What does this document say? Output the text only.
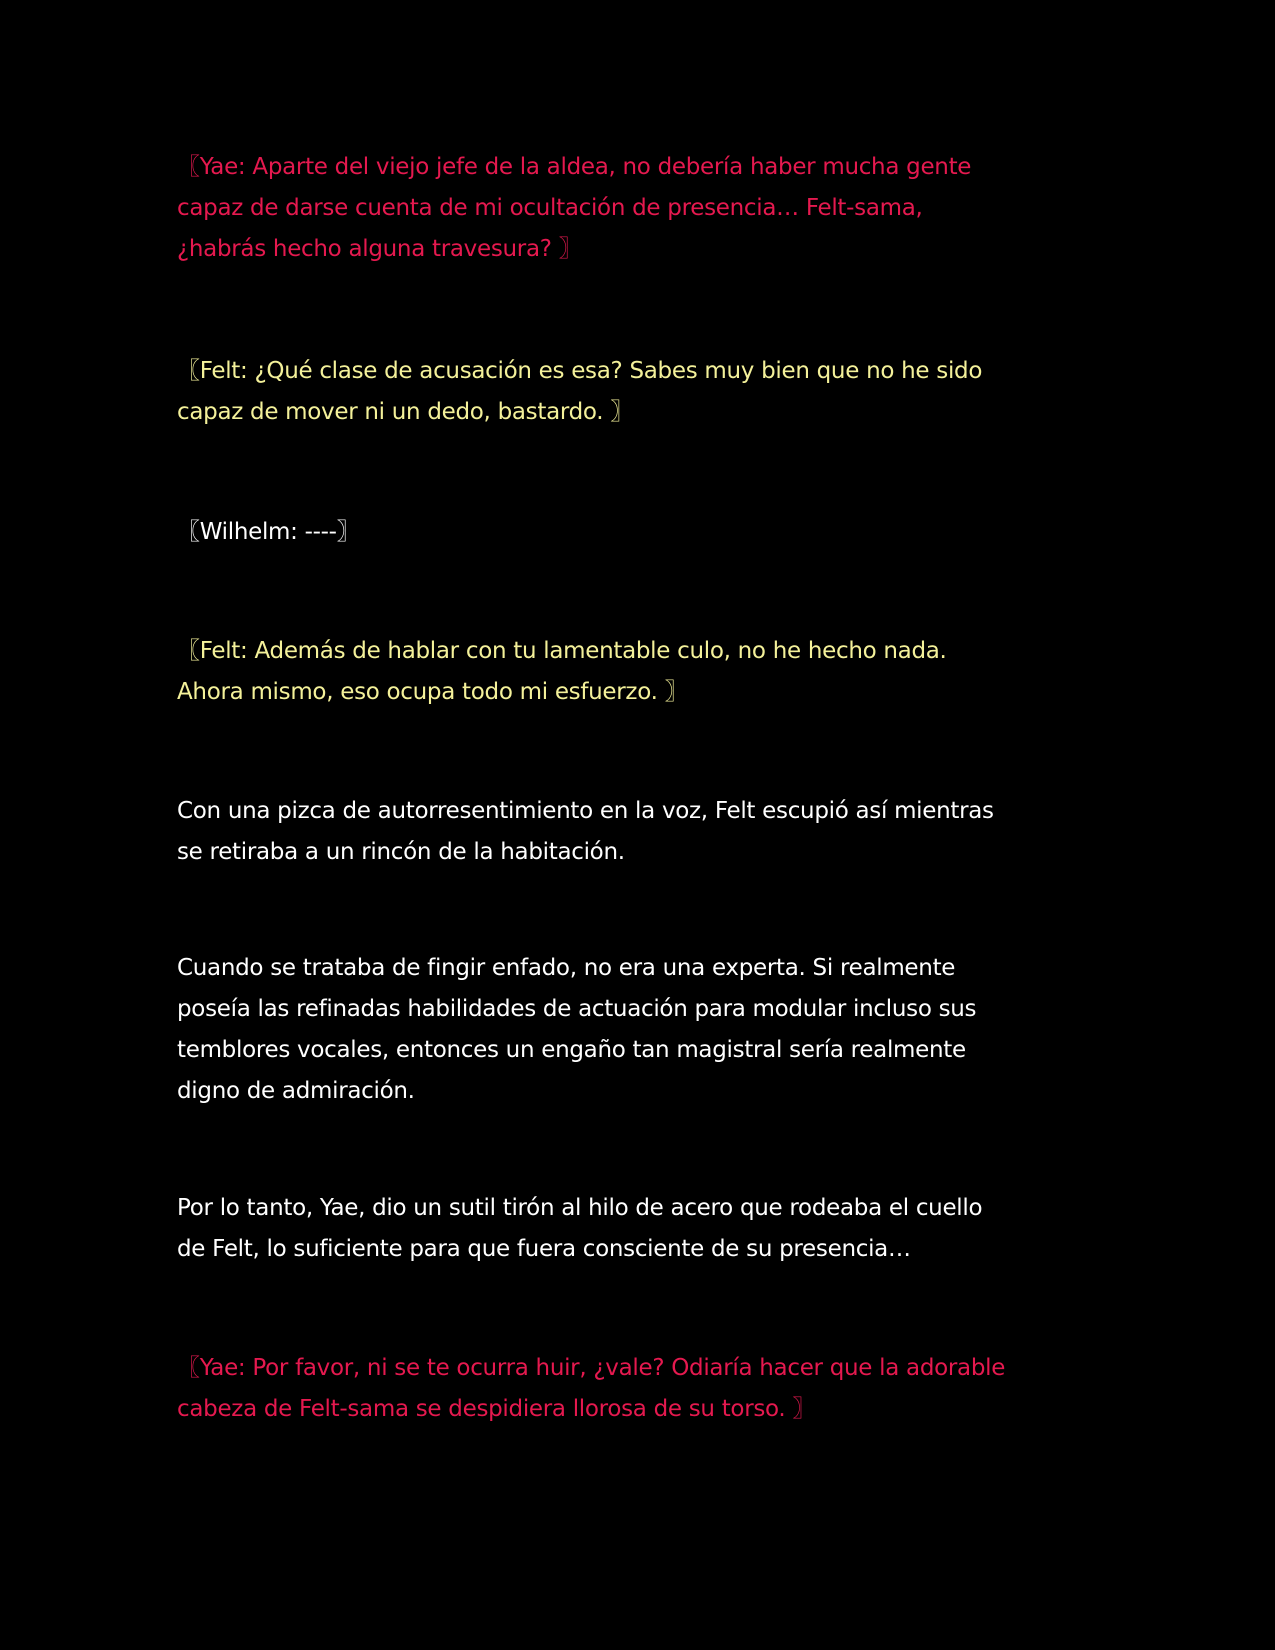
〖Yae: Aparte del viejo jefe de la aldea, no debería haber mucha gente
capaz de darse cuenta de mi ocultación de presencia… Felt-sama,
¿habrás hecho alguna travesura? 〗

〖Felt: ¿Qué clase de acusación es esa? Sabes muy bien que no he sido
capaz de mover ni un dedo, bastardo. 〗

〖Wilhelm: ----〗

〖Felt: Además de hablar con tu lamentable culo, no he hecho nada.
Ahora mismo, eso ocupa todo mi esfuerzo. 〗

Con una pizca de autorresentimiento en la voz, Felt escupió así mientras
se retiraba a un rincón de la habitación.

Cuando se trataba de fingir enfado, no era una experta. Si realmente
poseía las refinadas habilidades de actuación para modular incluso sus
temblores vocales, entonces un engaño tan magistral sería realmente
digno de admiración.

Por lo tanto, Yae, dio un sutil tirón al hilo de acero que rodeaba el cuello
de Felt, lo suficiente para que fuera consciente de su presencia…

〖Yae: Por favor, ni se te ocurra huir, ¿vale? Odiaría hacer que la adorable
cabeza de Felt-sama se despidiera llorosa de su torso. 〗
